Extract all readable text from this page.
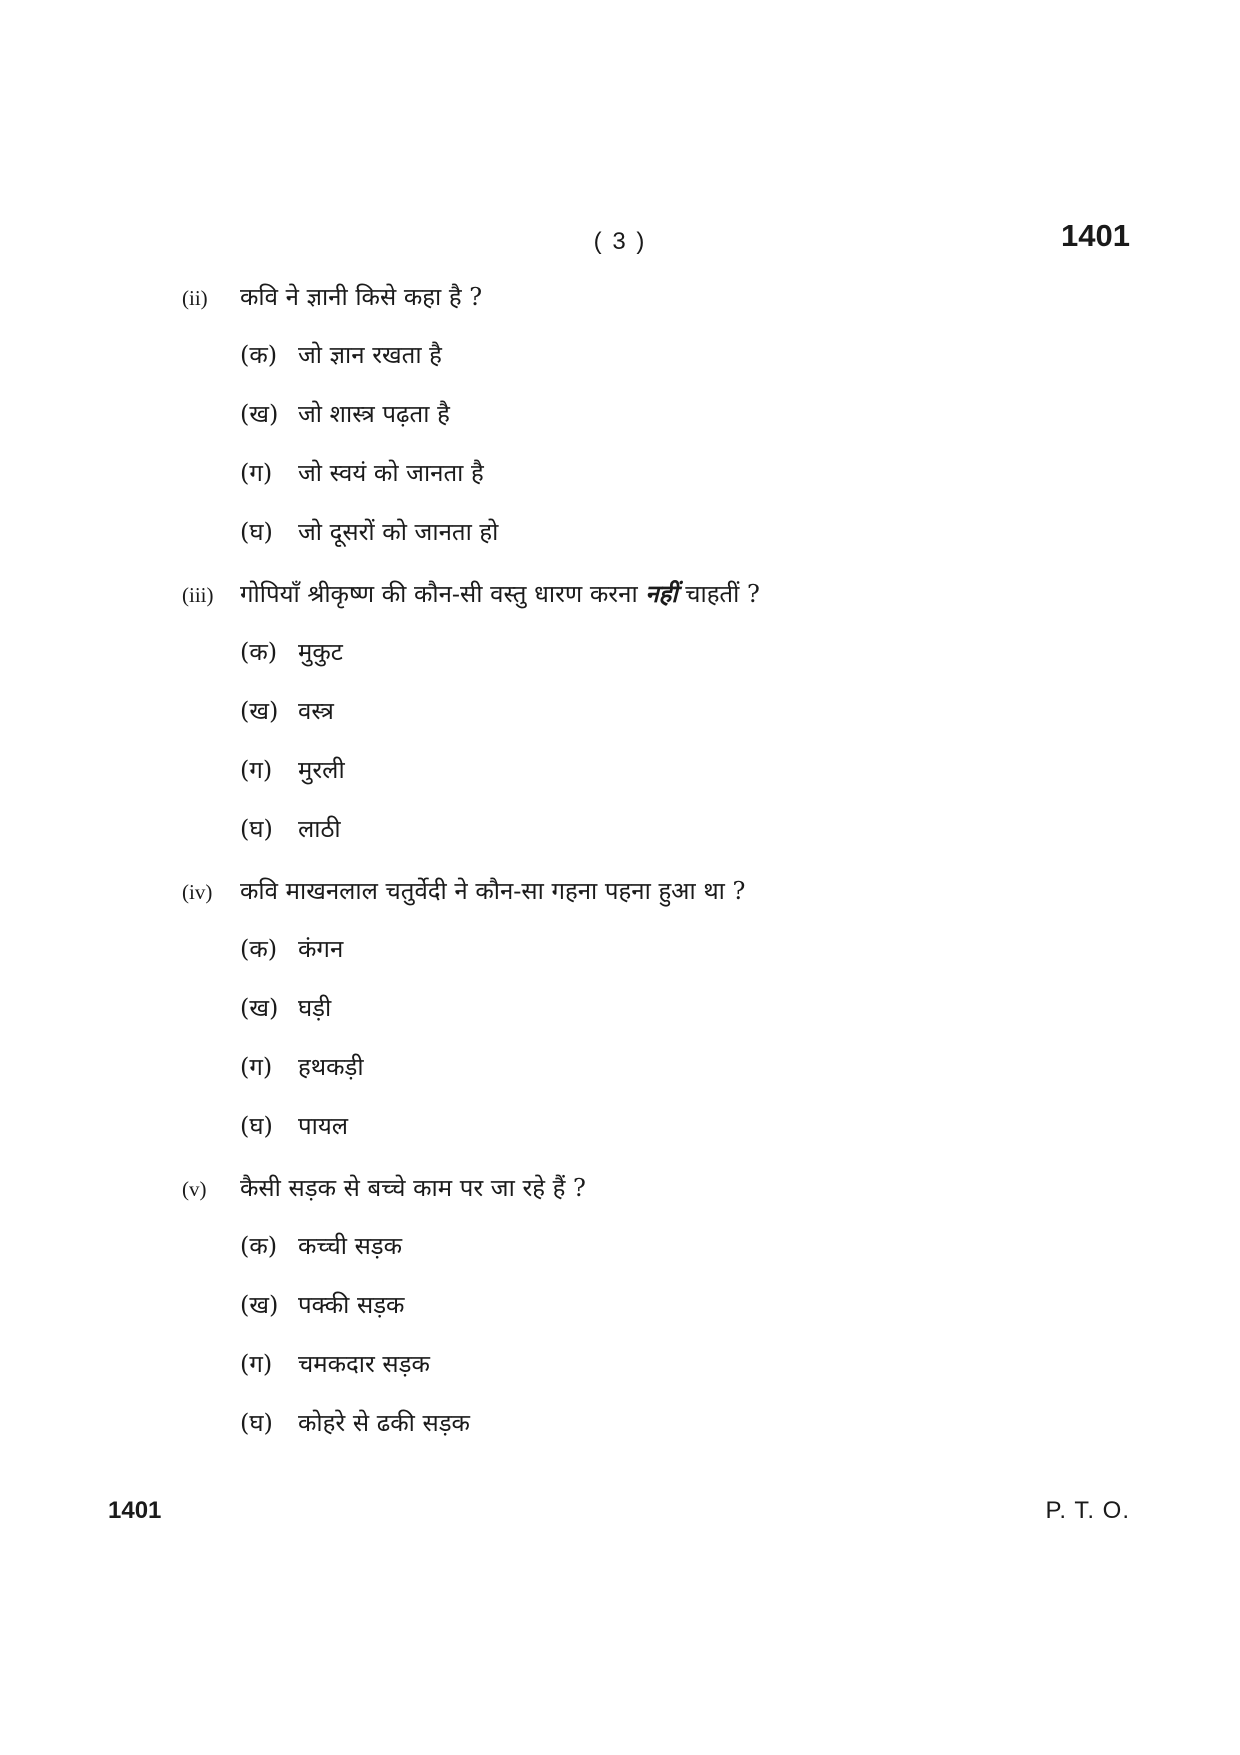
( 3 )	1401
(ii) कवि ने ज्ञानी किसे कहा है ?
(क) जो ज्ञान रखता है
(ख) जो शास्त्र पढ़ता है
(ग) जो स्वयं को जानता है
(घ) जो दूसरों को जानता हो
(iii) गोपियाँ श्रीकृष्ण की कौन-सी वस्तु धारण करना नहीं चाहतीं ?
(क) मुकुट
(ख) वस्त्र
(ग) मुरली
(घ) लाठी
(iv) कवि माखनलाल चतुर्वेदी ने कौन-सा गहना पहना हुआ था ?
(क) कंगन
(ख) घड़ी
(ग) हथकड़ी
(घ) पायल
(v) कैसी सड़क से बच्चे काम पर जा रहे हैं ?
(क) कच्ची सड़क
(ख) पक्की सड़क
(ग) चमकदार सड़क
(घ) कोहरे से ढकी सड़क
1401	P. T. O.
